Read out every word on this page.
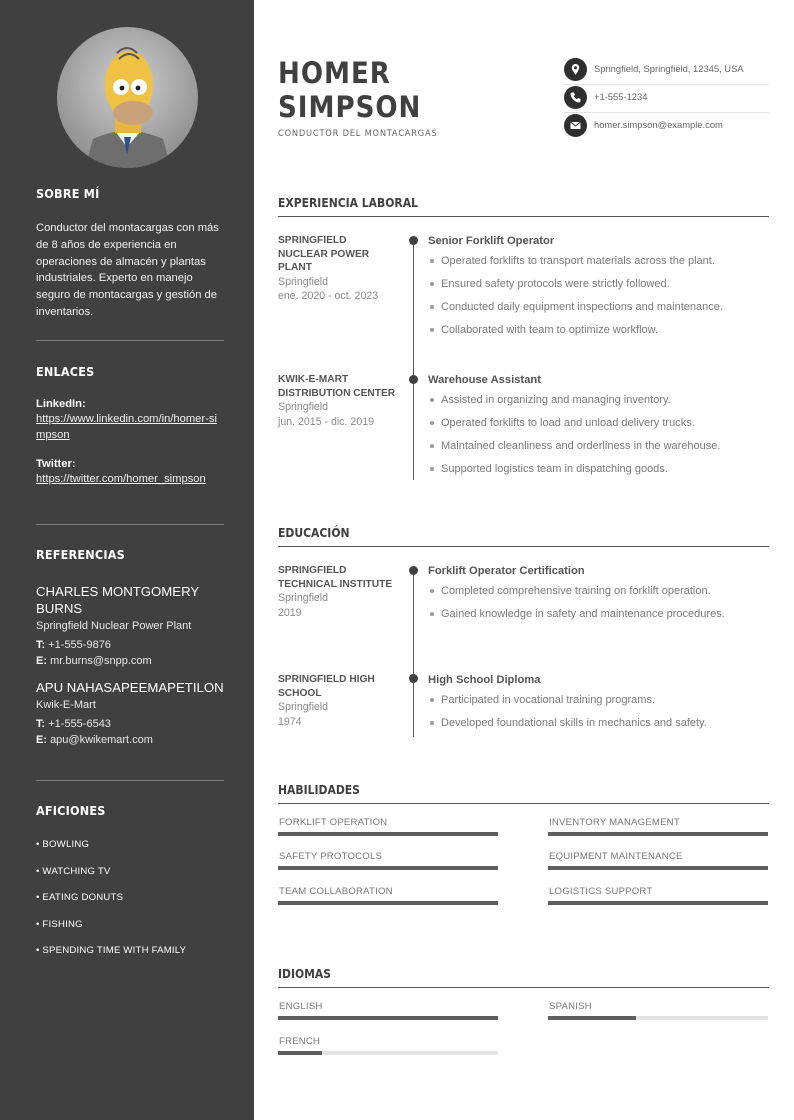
SOBRE MÍ
Conductor del montacargas con más de 8 años de experiencia en operaciones de almacén y plantas industriales. Experto en manejo seguro de montacargas y gestión de inventarios.
ENLACES
LinkedIn:
https://www.linkedin.com/in/homer-simpson
Twitter:
https://twitter.com/homer_simpson
REFERENCIAS
CHARLES MONTGOMERY BURNS
Springfield Nuclear Power Plant
T: +1-555-9876
E: mr.burns@snpp.com
APU NAHASAPEEMAPETILON
Kwik-E-Mart
T: +1-555-6543
E: apu@kwikemart.com
AFICIONES
• BOWLING
• WATCHING TV
• EATING DONUTS
• FISHING
• SPENDING TIME WITH FAMILY
HOMER
SIMPSON
CONDUCTOR DEL MONTACARGAS
Springfield, Springfield, 12345, USA
+1-555-1234
homer.simpson@example.com
EXPERIENCIA LABORAL
SPRINGFIELD NUCLEAR POWER PLANT
Springfield
ene. 2020 - oct. 2023
Senior Forklift Operator
Operated forklifts to transport materials across the plant.
Ensured safety protocols were strictly followed.
Conducted daily equipment inspections and maintenance.
Collaborated with team to optimize workflow.
KWIK-E-MART DISTRIBUTION CENTER
Springfield
jun. 2015 - dic. 2019
Warehouse Assistant
Assisted in organizing and managing inventory.
Operated forklifts to load and unload delivery trucks.
Maintained cleanliness and orderliness in the warehouse.
Supported logistics team in dispatching goods.
EDUCACIÓN
SPRINGFIELD TECHNICAL INSTITUTE
Springfield
2019
Forklift Operator Certification
Completed comprehensive training on forklift operation.
Gained knowledge in safety and maintenance procedures.
SPRINGFIELD HIGH SCHOOL
Springfield
1974
High School Diploma
Participated in vocational training programs.
Developed foundational skills in mechanics and safety.
HABILIDADES
FORKLIFT OPERATION	INVENTORY MANAGEMENT
SAFETY PROTOCOLS	EQUIPMENT MAINTENANCE
TEAM COLLABORATION	LOGISTICS SUPPORT
IDIOMAS
ENGLISH	SPANISH
FRENCH
